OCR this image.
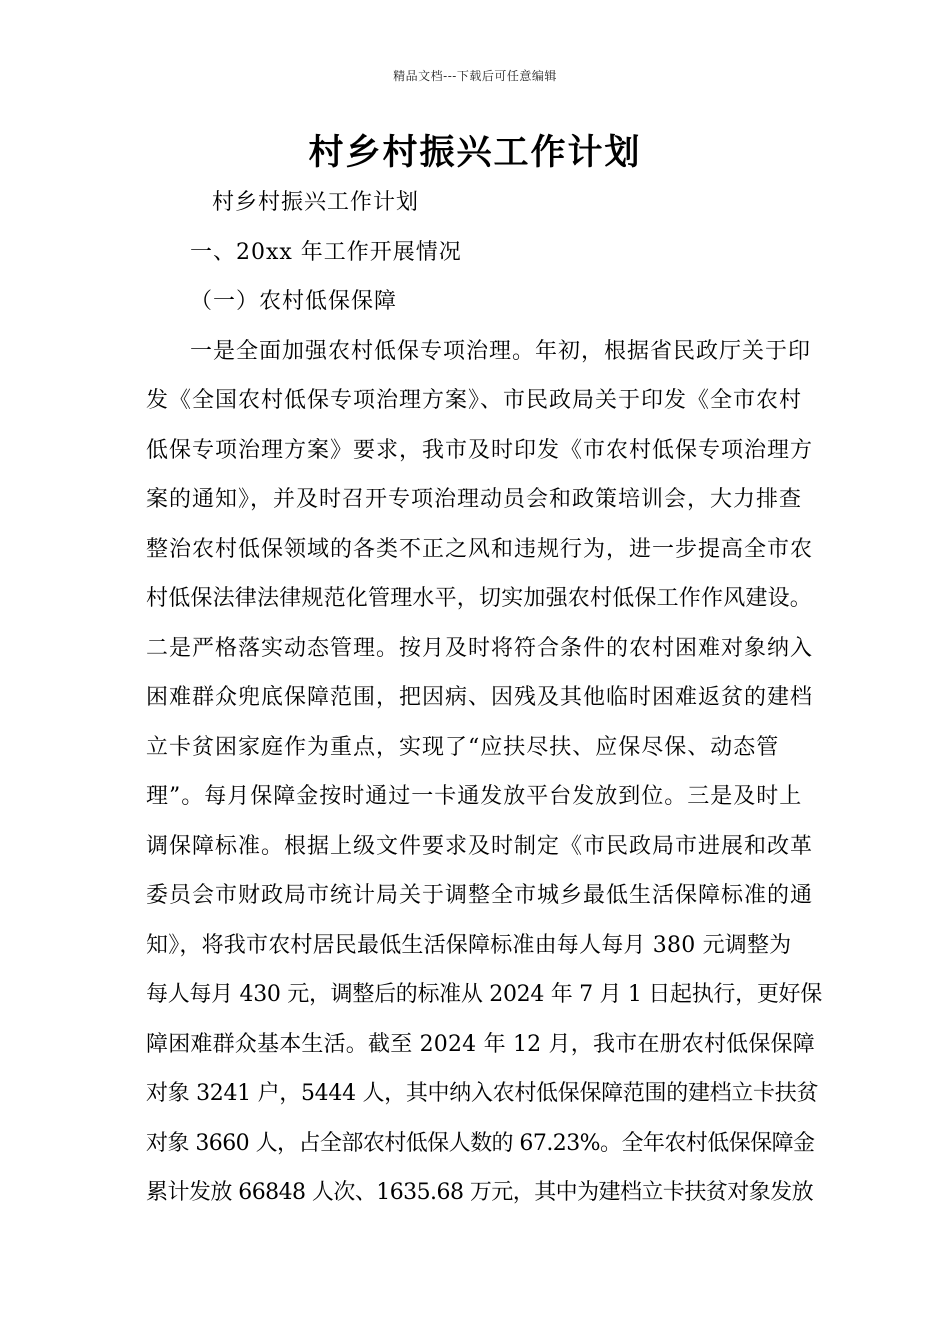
精品文档---下载后可任意编辑
村乡村振兴工作计划
村乡村振兴工作计划
一、20xx 年工作开展情况
（一）农村低保保障
一是全面加强农村低保专项治理。年初，根据省民政厅关于印
发《全国农村低保专项治理方案》、市民政局关于印发《全市农村
低保专项治理方案》要求，我市及时印发《市农村低保专项治理方
案的通知》，并及时召开专项治理动员会和政策培训会，大力排查
整治农村低保领域的各类不正之风和违规行为，进一步提高全市农
村低保法律法律规范化管理水平，切实加强农村低保工作作风建设。
二是严格落实动态管理。按月及时将符合条件的农村困难对象纳入
困难群众兜底保障范围，把因病、因残及其他临时困难返贫的建档
立卡贫困家庭作为重点，实现了“应扶尽扶、应保尽保、动态管
理”。每月保障金按时通过一卡通发放平台发放到位。三是及时上
调保障标准。根据上级文件要求及时制定《市民政局市进展和改革
委员会市财政局市统计局关于调整全市城乡最低生活保障标准的通
知》，将我市农村居民最低生活保障标准由每人每月 380 元调整为
每人每月 430 元，调整后的标准从 2024 年 7 月 1 日起执行，更好保
障困难群众基本生活。截至 2024 年 12 月，我市在册农村低保保障
对象 3241 户，5444 人，其中纳入农村低保保障范围的建档立卡扶贫
对象 3660 人，占全部农村低保人数的 67.23%。全年农村低保保障金
累计发放 66848 人次、1635.68 万元，其中为建档立卡扶贫对象发放
